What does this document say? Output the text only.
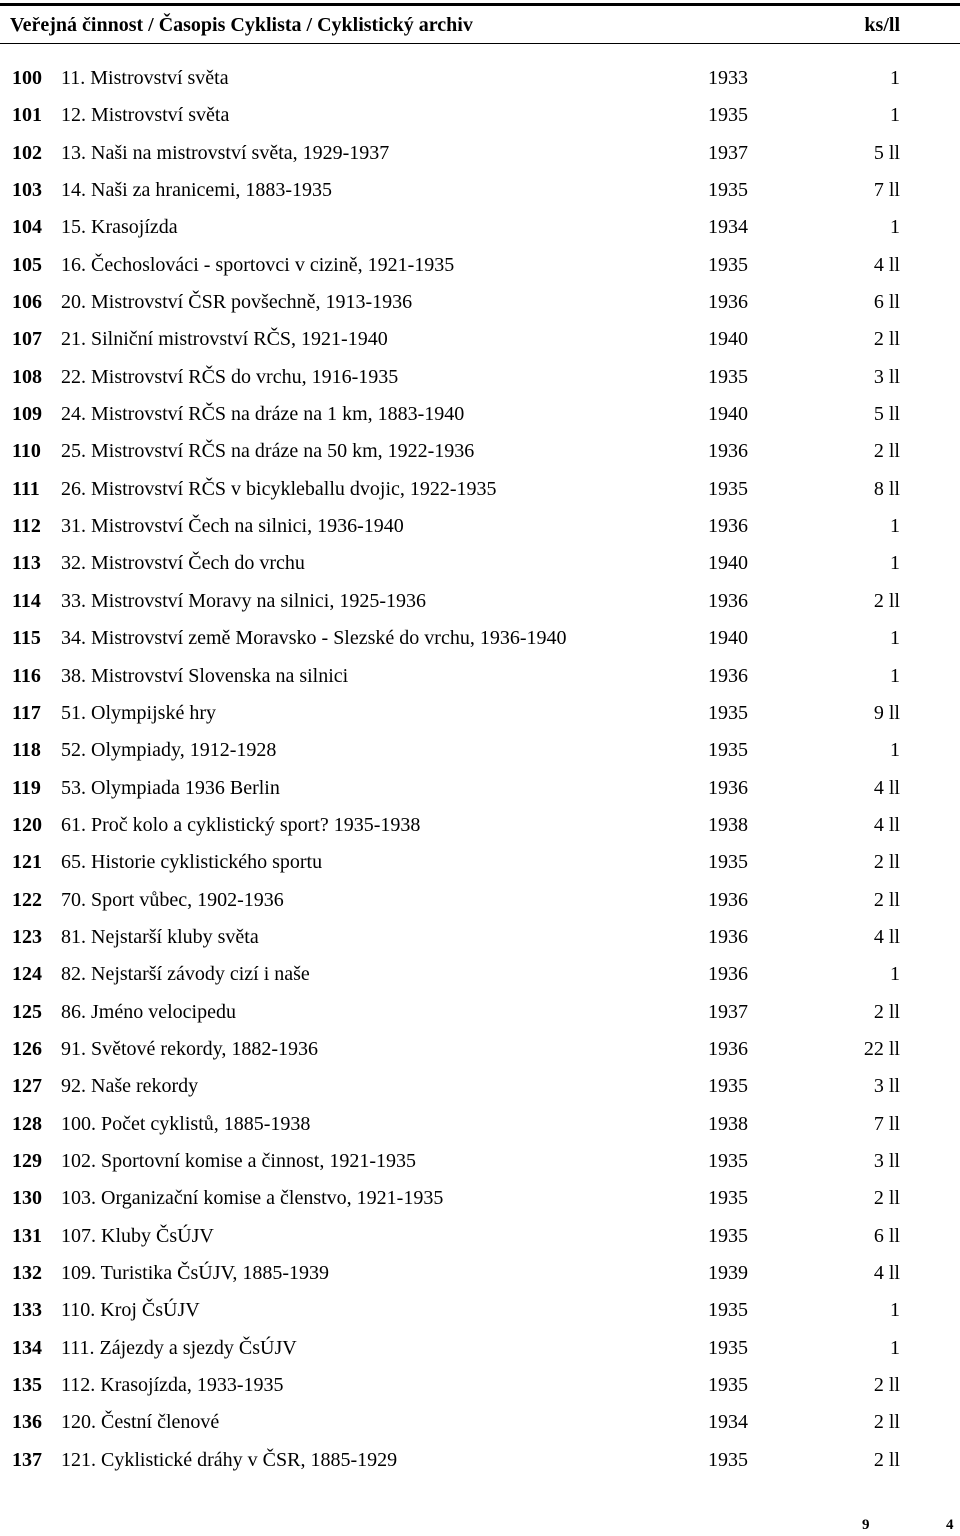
Veřejná činnost / Časopis Cyklista / Cyklistický archiv	ks/ll
100 11. Mistrovství světa	1933	1
101 12. Mistrovství světa	1935	1
102 13. Naši na mistrovství světa, 1929-1937	1937	5 ll
103 14. Naši za hranicemi, 1883-1935	1935	7 ll
104 15. Krasojízda	1934	1
105 16. Čechoslováci - sportovci v cizině, 1921-1935	1935	4 ll
106 20. Mistrovství ČSR povšechně, 1913-1936	1936	6 ll
107 21. Silniční mistrovství RČS, 1921-1940	1940	2 ll
108 22. Mistrovství RČS do vrchu, 1916-1935	1935	3 ll
109 24. Mistrovství RČS na dráze na 1 km, 1883-1940	1940	5 ll
110 25. Mistrovství RČS na dráze na 50 km, 1922-1936	1936	2 ll
111 26. Mistrovství RČS v bicykleballu dvojic, 1922-1935	1935	8 ll
112 31. Mistrovství Čech na silnici, 1936-1940	1936	1
113 32. Mistrovství Čech do vrchu	1940	1
114 33. Mistrovství Moravy na silnici, 1925-1936	1936	2 ll
115 34. Mistrovství země Moravsko - Slezské do vrchu, 1936-1940	1940	1
116 38. Mistrovství Slovenska na silnici	1936	1
117 51. Olympijské hry	1935	9 ll
118 52. Olympiady, 1912-1928	1935	1
119 53. Olympiada 1936 Berlin	1936	4 ll
120 61. Proč kolo a cyklistický sport? 1935-1938	1938	4 ll
121 65. Historie cyklistického sportu	1935	2 ll
122 70. Sport vůbec, 1902-1936	1936	2 ll
123 81. Nejstarší kluby světa	1936	4 ll
124 82. Nejstarší závody cizí i naše	1936	1
125 86. Jméno velocipedu	1937	2 ll
126 91. Světové rekordy, 1882-1936	1936	22 ll
127 92. Naše rekordy	1935	3 ll
128 100. Počet cyklistů, 1885-1938	1938	7 ll
129 102. Sportovní komise a činnost, 1921-1935	1935	3 ll
130 103. Organizační komise a členstvo, 1921-1935	1935	2 ll
131 107. Kluby ČsÚJV	1935	6 ll
132 109. Turistika ČsÚJV, 1885-1939	1939	4 ll
133 110. Kroj ČsÚJV	1935	1
134 111. Zájezdy a sjezdy ČsÚJV	1935	1
135 112. Krasojízda, 1933-1935	1935	2 ll
136 120. Čestní členové	1934	2 ll
137 121. Cyklistické dráhy v ČSR, 1885-1929	1935	2 ll
9	4
